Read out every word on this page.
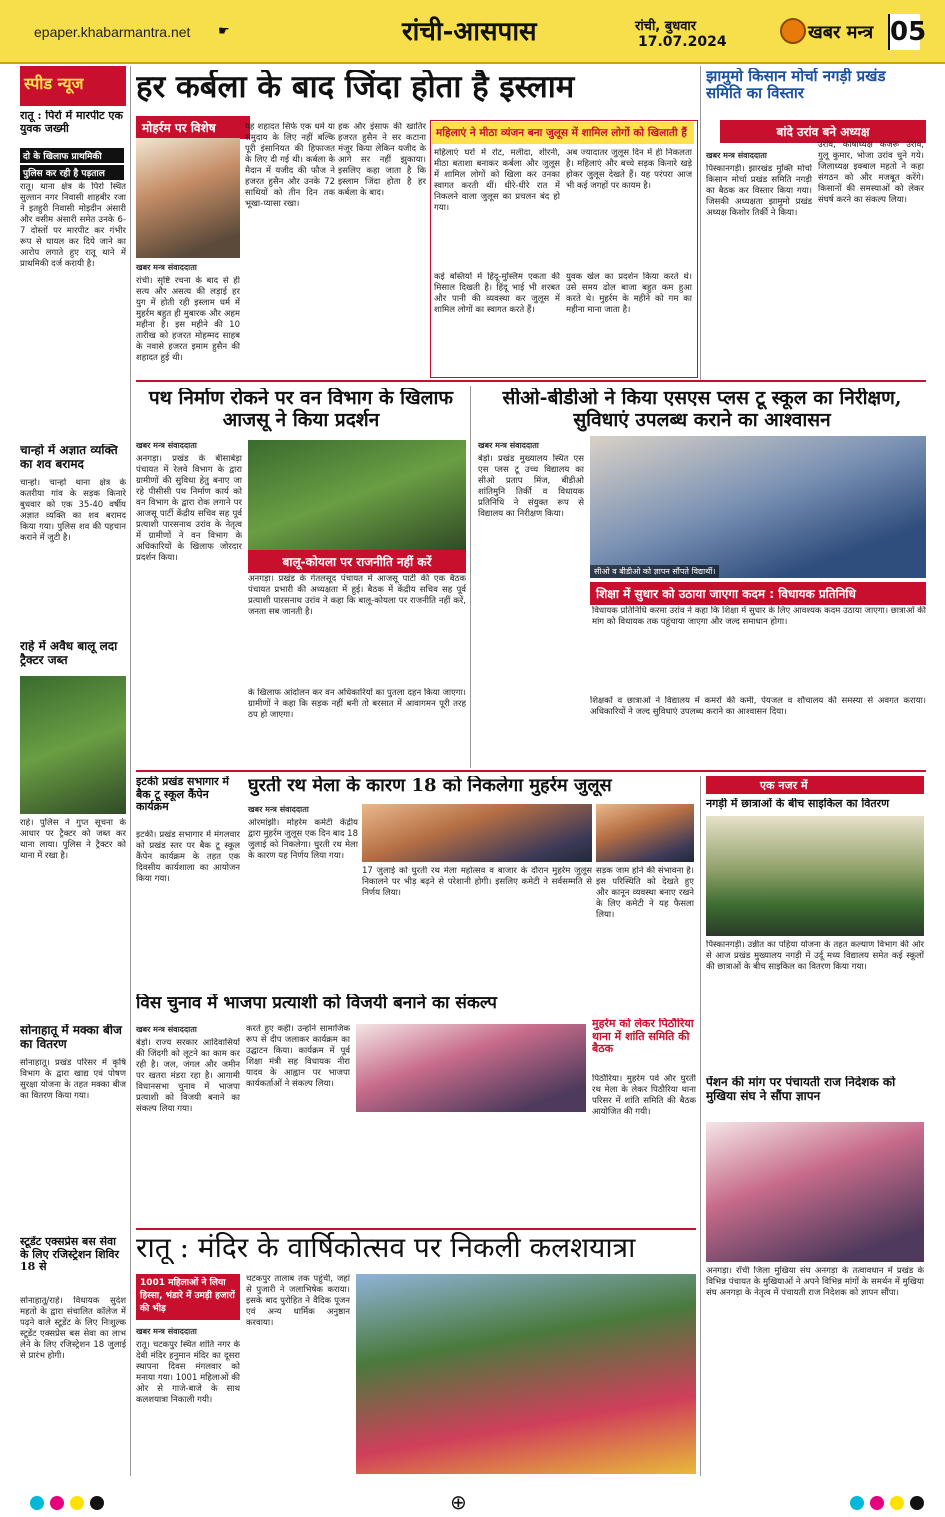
epaper.khabarmantra.net ☛	रांची-आसपास	रांची, बुधवार
17.07.2024	खबर मन्त्र 05
स्पीड न्यूज
रातू : पिर्रा में मारपीट एक युवक जख्मी
दो के खिलाफ प्राथमिकी
पुलिस कर रही है पड़ताल
रातू। थाना क्षेत्र के पिर्रा स्थित सुल्तान नगर निवासी शाहबीर रजा ने इतहुरी निवासी मोइदीन अंसारी और वसीम अंसारी समेत उनके 6-7 दोस्तों पर मारपीट कर गंभीर रूप से घायल कर दिये जाने का आरोप लगाते हुए रातू थाने में प्राथमिकी दर्ज करायी है।
चान्हो में अज्ञात व्यक्ति का शव बरामद
चान्हो। चान्हो थाना क्षेत्र के कतरीया गांव के सड़क किनारे बुधवार को एक 35-40 वर्षीय अज्ञात व्यक्ति का शव बरामद किया गया। पुलिस शव की पहचान कराने में जुटी है।
राहे में अवैध बालू लदा ट्रैक्टर जब्त
राहे। पुलिस ने गुप्त सूचना के आधार पर ट्रैक्टर को जब्त कर थाना लाया। पुलिस ने ट्रैक्टर को थाना में रखा है।
सोनाहातू में मक्का बीज का वितरण
सोनाहातू। प्रखंड परिसर में कृषि विभाग के द्वारा खाद्य एवं पोषण सुरक्षा योजना के तहत मक्का बीज का वितरण किया गया।
स्टूडेंट एक्सप्रेस बस सेवा के लिए रजिस्ट्रेशन शिविर 18 से
सोनाहातू/राहे। विधायक सुदेश महतो के द्वारा संचालित कॉलेज में पढ़ने वाले स्टूडेंट के लिए निःशुल्क स्टूडेंट एक्सप्रेस बस सेवा का लाभ लेने के लिए रजिस्ट्रेशन 18 जुलाई से प्रारंभ होगी।
हर कर्बला के बाद जिंदा होता है इस्लाम
मोहर्रम पर विशेष
खबर मन्त्र संवाददाता
रांची। सृष्टि रचना के बाद से ही सत्य और असत्य की लड़ाई हर युग में होती रही इस्लाम धर्म में मुहर्रम बहुत ही मुबारक और अहम महीना है। इस महीने की 10 तारीख को हजरत मोहम्मद साहब के नवासे हजरत इमाम हुसैन की शहादत हुई थी।
यह शहादत सिर्फ एक धर्म या समुदाय के लिए नहीं बल्कि पूरी इंसानियत की हिफाजत के लिए दी गई थी। कर्बला के मैदान में यजीद की फौज ने हजरत हुसैन और उनके 72 साथियों को तीन दिन तक भूखा-प्यासा रखा।
हक और इंसाफ की खातिर हजरत हुसैन ने सर कटाना मंजूर किया लेकिन यजीद के आगे सर नहीं झुकाया। इसलिए कहा जाता है कि इस्लाम जिंदा होता है हर कर्बला के बाद।
महिलाएं ने मीठा व्यंजन बना जुलूस में शामिल लोगों को खिलाती हैं
महिलाएं घरों में रोट, मलीदा, शीरनी, मीठा बताशा बनाकर कर्बला और जुलूस में शामिल लोगों को खिला कर उनका स्वागत करती थीं। धीरे-धीरे रात में निकलने वाला जुलूस का प्रचलन बंद हो गया।
अब ज्यादातर जुलूस दिन में ही निकलता है। महिलाएं और बच्चे सड़क किनारे खड़े होकर जुलूस देखते हैं। यह परंपरा आज भी कई जगहों पर कायम है।
कई बस्तियों में हिंदू-मुस्लिम एकता की मिसाल दिखती है। हिंदू भाई भी शरबत और पानी की व्यवस्था कर जुलूस में शामिल लोगों का स्वागत करते हैं।
युवक खेल का प्रदर्शन किया करते थे। उसे समय ढोल बाजा बहुत कम हुआ करते थे। मुहर्रम के महीने को गम का महीना माना जाता है।
झामुमो किसान मोर्चा नगड़ी प्रखंड समिति का विस्तार
बांदे उरांव बने अध्यक्ष
खबर मन्त्र संवाददाता
पिस्कानगड़ी। झारखंड मुक्ति मोर्चा किसान मोर्चा प्रखंड समिति नगड़ी का बैठक कर विस्तार किया गया। जिसकी अध्यक्षता झामुमो प्रखंड अध्यक्ष किशोर तिर्की ने किया।
उरांव, कोषाध्यक्ष कजरू उरांव, गुलू कुमार, भोजा उरांव चुने गये। जिलाध्यक्ष इक्बाल महतो ने कहा संगठन को और मजबूत करेंगे। किसानों की समस्याओं को लेकर संघर्ष करने का संकल्प लिया।
पथ निर्माण रोकने पर वन विभाग के खिलाफ आजसू ने किया प्रदर्शन
खबर मन्त्र संवाददाता
अनगड़ा। प्रखंड के बीसाबेड़ा पंचायत में रेलवे विभाग के द्वारा ग्रामीणों की सुविधा हेतु बनाए जा रहे पीसीसी पथ निर्माण कार्य को वन विभाग के द्वारा रोक लगाने पर आजसू पार्टी केंद्रीय सचिव सह पूर्व प्रत्याशी पारसनाथ उरांव के नेतृत्व में ग्रामीणों ने वन विभाग के अधिकारियों के खिलाफ जोरदार प्रदर्शन किया।	बालू-कोयला पर राजनीति नहीं करें
अनगड़ा। प्रखंड के गेतलसूद पंचायत में आजसू पार्टी की एक बैठक पंचायत प्रभारी की अध्यक्षता में हुई। बैठक में केंद्रीय सचिव सह पूर्व प्रत्याशी पारसनाथ उरांव ने कहा कि बालू-कोयला पर राजनीति नहीं करें, जनता सब जानती है।
के खिलाफ आंदोलन कर वन अधिकारियों का पुतला दहन किया जाएगा। ग्रामीणों ने कहा कि सड़क नहीं बनी तो बरसात में आवागमन पूरी तरह ठप हो जाएगा।
सीओ-बीडीओ ने किया एसएस प्लस टू स्कूल का निरीक्षण, सुविधाएं उपलब्ध कराने का आश्वासन
खबर मन्त्र संवाददाता
बेड़ो। प्रखंड मुख्यालय स्थित एस एस प्लस टू उच्च विद्यालय का सीओ प्रताप मिंज, बीडीओ शांतिमुनि तिर्की व विधायक प्रतिनिधि ने संयुक्त रूप से विद्यालय का निरीक्षण किया।
सीओ व बीडीओ को ज्ञापन सौंपते विद्यार्थी।
शिक्षा में सुधार को उठाया जाएगा कदम : विधायक प्रतिनिधि
विधायक प्रतिनिधि करमा उरांव ने कहा कि शिक्षा में सुधार के लिए आवश्यक कदम उठाया जाएगा। छात्राओं की मांग को विधायक तक पहुंचाया जाएगा और जल्द समाधान होगा।
शिक्षकों व छात्राओं ने विद्यालय में कमरों की कमी, पेयजल व शौचालय की समस्या से अवगत कराया। अधिकारियों ने जल्द सुविधाएं उपलब्ध कराने का आश्वासन दिया।
इटकी प्रखंड सभागार में बैक टू स्कूल कैंपेन कार्यक्रम
इटकी। प्रखंड सभागार में मंगलवार को प्रखंड स्तर पर बैक टू स्कूल कैंपेन कार्यक्रम के तहत एक दिवसीय कार्यशाला का आयोजन किया गया।
घुरती रथ मेला के कारण 18 को निकलेगा मुहर्रम जुलूस
खबर मन्त्र संवाददाता
ओरमांझी। मोहर्रम कमेटी केंद्रीय द्वारा मुहर्रम जुलूस एक दिन बाद 18 जुलाई को निकलेगा। घुरती रथ मेला के कारण यह निर्णय लिया गया।
17 जुलाई को घुरती रथ मेला महोत्सव व बाजार के दौरान मुहर्रम जुलूस निकालने पर भीड़ बढ़ने से परेशानी होगी। इसलिए कमेटी ने सर्वसम्मति से निर्णय लिया।
सड़क जाम होने की संभावना है। इस परिस्थिति को देखते हुए और कानून व्यवस्था बनाए रखने के लिए कमेटी ने यह फैसला लिया।
एक नजर में
नगड़ी में छात्राओं के बीच साइकिल का वितरण
पिस्कानगड़ी। उन्नीत का पहिया योजना के तहत कल्याण विभाग की ओर से आज प्रखंड मुख्यालय नगड़ी में उर्दू मध्य विद्यालय समेत कई स्कूलों की छात्राओं के बीच साइकिल का वितरण किया गया।
विस चुनाव में भाजपा प्रत्याशी को विजयी बनाने का संकल्प
खबर मन्त्र संवाददाता
बेड़ो। राज्य सरकार आदिवासियों की जिंदगी को लूटने का काम कर रही है। जल, जंगल और जमीन पर खतरा मंडरा रहा है। आगामी विधानसभा चुनाव में भाजपा प्रत्याशी को विजयी बनाने का संकल्प लिया गया।
करते हुए कही। उन्होंने सामाजिक रूप से दीप जलाकर कार्यक्रम का उद्घाटन किया। कार्यक्रम में पूर्व शिक्षा मंत्री सह विधायक नीरा यादव के आह्वान पर भाजपा कार्यकर्ताओं ने संकल्प लिया।
मुहर्रम को लेकर पिठौरिया थाना में शांति समिति की बैठक
पिठौरिया। मुहर्रम पर्व और घुरती रथ मेला के लेकर पिठौरिया थाना परिसर में शांति समिति की बैठक आयोजित की गयी।
पेंशन की मांग पर पंचायती राज निदेशक को मुखिया संघ ने सौंपा ज्ञापन
अनगड़ा। राँची जिला मुखिया संघ अनगड़ा के तत्वावधान में प्रखंड के विभिन्न पंचायत के मुखियाओं ने अपने विभिन्न मांगों के समर्थन में मुखिया संघ अनगड़ा के नेतृत्व में पंचायती राज निदेशक को ज्ञापन सौंपा।
रातू : मंदिर के वार्षिकोत्सव पर निकली कलशयात्रा
1001 महिलाओं ने लिया हिस्सा, भंडारे में उमड़ी हजारों की भीड़
खबर मन्त्र संवाददाता
रातू। चटकपुर स्थित शांति नगर के देवी मंदिर हनुमान मंदिर का दूसरा स्थापना दिवस मंगलवार को मनाया गया। 1001 महिलाओं की ओर से गाजे-बाजे के साथ कलशयात्रा निकाली गयी।
चटकपुर तालाब तक पहुंची, जहां से पुजारी ने जलाभिषेक कराया। इसके बाद पुरोहित ने वैदिक पूजन एवं अन्य धार्मिक अनुष्ठान करवाया।
⊕
